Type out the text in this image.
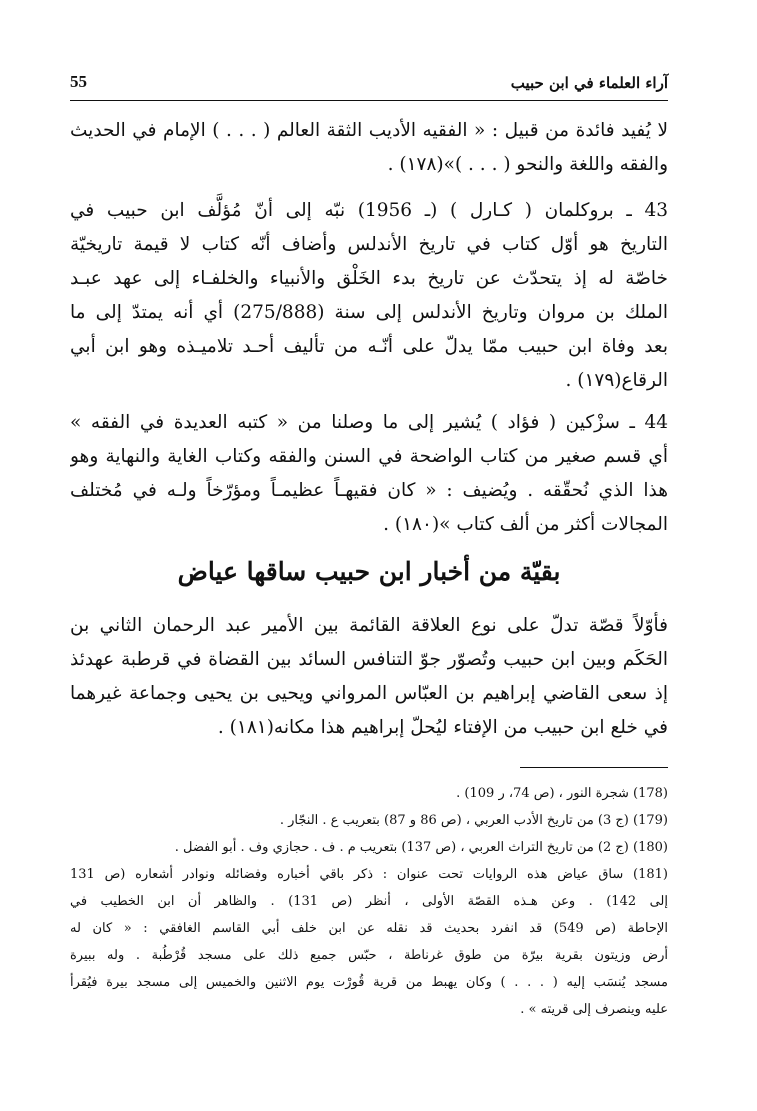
آراء العلماء في ابن حبيب
55
لا يُفيد فائدة من قبيل : « الفقيه الأديب الثقة العالم ( . . . ) الإمام في الحديث
والفقه واللغة والنحو ( . . . )»(١٧٨) .
43 ـ بروكلمان ( كـارل ) (ـ 1956) نبّه إلى أنّ مُؤلَّف ابن حبيب في
التاريخ هو أوّل كتاب في تاريخ الأندلس وأضاف أنّه كتاب لا قيمة تاريخيّة
خاصّة له إذ يتحدّث عن تاريخ بدء الخَلْق والأنبياء والخلفـاء إلى عهد عبـد
الملك بن مروان وتاريخ الأندلس إلى سنة (275/888) أي أنه يمتدّ إلى ما
بعد وفاة ابن حبيب ممّا يدلّ على أنّـه من تأليف أحـد تلاميـذه وهو ابن أبي
الرقاع(١٧٩) .
44 ـ سزْكين ( فؤاد ) يُشير إلى ما وصلنا من « كتبه العديدة في الفقه »
أي قسم صغير من كتاب الواضحة في السنن والفقه وكتاب الغاية والنهاية وهو
هذا الذي نُحقّقه . ويُضيف : « كان فقيهـاً عظيمـاً ومؤرّخاً ولـه في مُختلف
المجالات أكثر من ألف كتاب »(١٨٠) .
بقيّة من أخبار ابن حبيب ساقها عياض
فأوّلاً قصّة تدلّ على نوع العلاقة القائمة بين الأمير عبد الرحمان الثاني بن
الحَكَم وبين ابن حبيب وتُصوّر جوّ التنافس السائد بين القضاة في قرطبة عهدئذ
إذ سعى القاضي إبراهيم بن العبّاس المرواني ويحيى بن يحيى وجماعة غيرهما
في خلع ابن حبيب من الإفتاء ليُحلّ إبراهيم هذا مكانه(١٨١) .
(178) شجرة النور ، (ص 74، ر 109) .
(179) (ج 3) من تاريخ الأدب العربي ، (ص 86 و 87) بتعريب ع . النجّار .
(180) (ج 2) من تاريخ التراث العربي ، (ص 137) بتعريب م . ف . حجازي وف . أبو الفضل .
(181) ساق عياض هذه الروايات تحت عنوان : ذكر باقي أخباره وفضائله ونوادر أشعاره (ص 131
إلى 142) . وعن هـذه القصّة الأولى ، أنظر (ص 131) . والظاهر أن ابن الخطيب في
الإحاطة (ص 549) قد انفرد بحديث قد نقله عن ابن خلف أبي القاسم الغافقي : « كان له
أرض وزيتون بقرية بيرّة من طوق غرناطة ، حبّس جميع ذلك على مسجد قُرْطُبة . وله ببيرة
مسجد يُنسَب إليه ( . . . ) وكان يهبط من قرية قُورْت يوم الاثنين والخميس إلى مسجد بيرة فيُقرأ
عليه وينصرف إلى قريته » .
